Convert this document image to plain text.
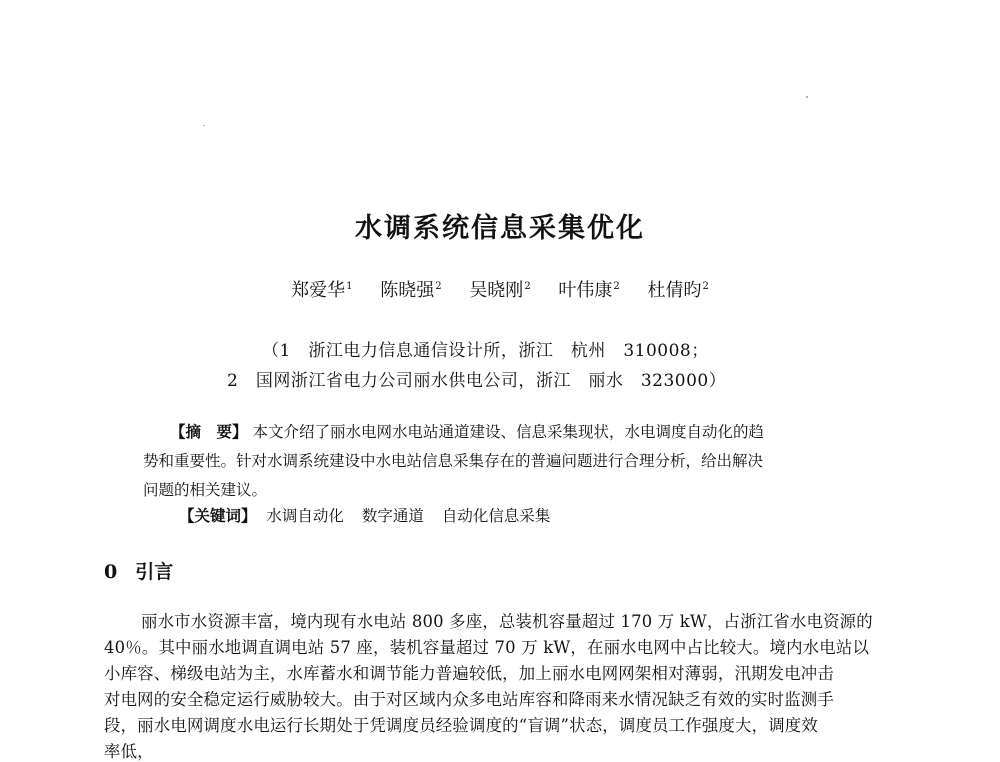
水调系统信息采集优化
郑爱华$^1$ 陈晓强$^2$ 吴晓刚$^2$ 叶伟康$^2$ 杜倩昀$^2$
（1　浙江电力信息通信设计所，浙江　杭州　310008；
2　国网浙江省电力公司丽水供电公司，浙江　丽水　323000）
【摘　要】 本文介绍了丽水电网水电站通道建设、信息采集现状，水电调度自动化的趋
势和重要性。针对水调系统建设中水电站信息采集存在的普遍问题进行合理分析，给出解决
问题的相关建议。
【关键词】 水调自动化 数字通道 自动化信息采集
0 引言
丽水市水资源丰富，境内现有水电站 800 多座，总装机容量超过 170 万 kW，占浙江省水电资源的
40％。其中丽水地调直调电站 57 座，装机容量超过 70 万 kW，在丽水电网中占比较大。境内水电站以
小库容、梯级电站为主，水库蓄水和调节能力普遍较低，加上丽水电网网架相对薄弱，汛期发电冲击
对电网的安全稳定运行威胁较大。由于对区域内众多电站库容和降雨来水情况缺乏有效的实时监测手
段，丽水电网调度水电运行长期处于凭调度员经验调度的“盲调”状态，调度员工作强度大，调度效
率低，
